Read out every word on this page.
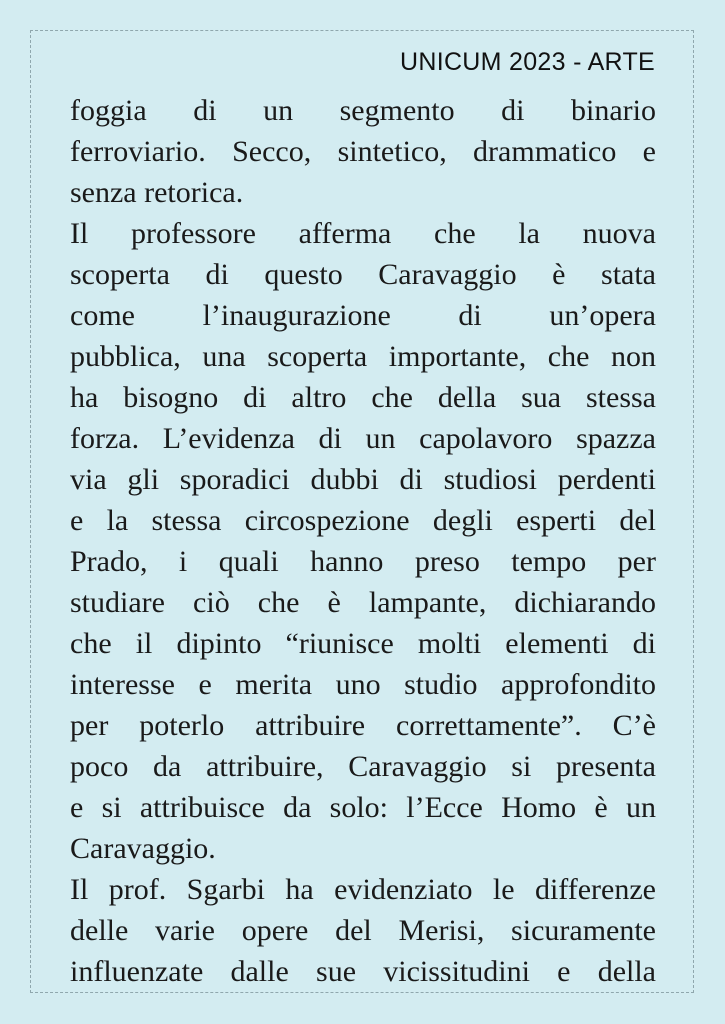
UNICUM 2023 - ARTE
foggia di un segmento di binario
ferroviario. Secco, sintetico, drammatico e
senza retorica.
Il professore afferma che la nuova
scoperta di questo Caravaggio è stata
come l’inaugurazione di un’opera
pubblica, una scoperta importante, che non
ha bisogno di altro che della sua stessa
forza. L’evidenza di un capolavoro spazza
via gli sporadici dubbi di studiosi perdenti
e la stessa circospezione degli esperti del
Prado, i quali hanno preso tempo per
studiare ciò che è lampante, dichiarando
che il dipinto “riunisce molti elementi di
interesse e merita uno studio approfondito
per poterlo attribuire correttamente”. C’è
poco da attribuire, Caravaggio si presenta
e si attribuisce da solo: l’Ecce Homo è un
Caravaggio.
Il prof. Sgarbi ha evidenziato le differenze
delle varie opere del Merisi, sicuramente
influenzate dalle sue vicissitudini e della
